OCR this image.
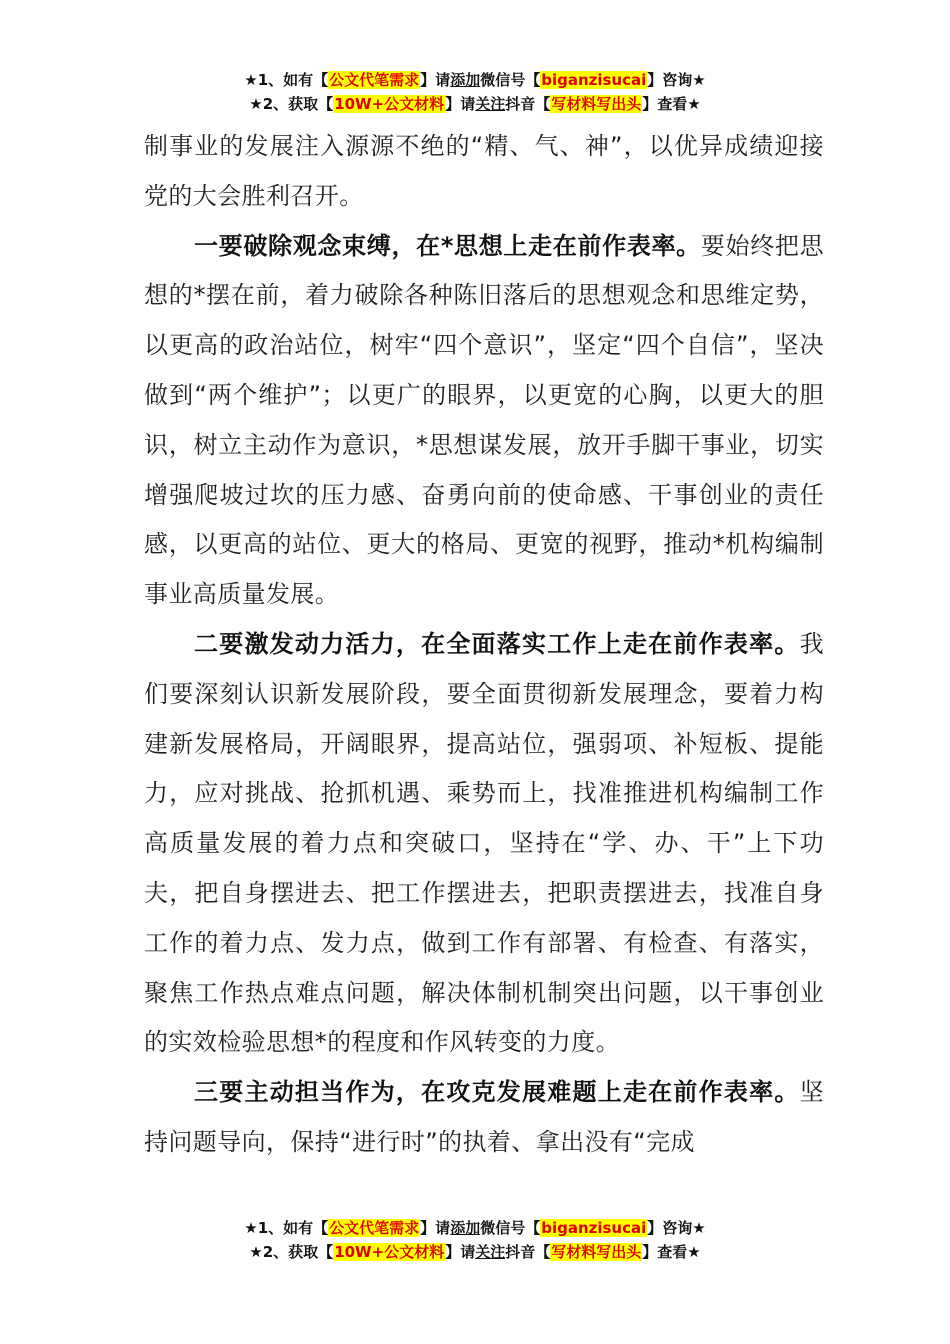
★1、如有【公文代笔需求】请添加微信号【biganzisucai】咨询★
★2、获取【10W+公文材料】请关注抖音【写材料写出头】查看★

制事业的发展注入源源不绝的“精、气、神”，以优异成绩迎接党的大会胜利召开。

一要破除观念束缚，在*思想上走在前作表率。要始终把思想的*摆在前，着力破除各种陈旧落后的思想观念和思维定势，以更高的政治站位，树牢“四个意识”，坚定“四个自信”，坚决做到“两个维护”；以更广的眼界，以更宽的心胸，以更大的胆识，树立主动作为意识，*思想谋发展，放开手脚干事业，切实增强爬坡过坎的压力感、奋勇向前的使命感、干事创业的责任感，以更高的站位、更大的格局、更宽的视野，推动*机构编制事业高质量发展。

二要激发动力活力，在全面落实工作上走在前作表率。我们要深刻认识新发展阶段，要全面贯彻新发展理念，要着力构建新发展格局，开阔眼界，提高站位，强弱项、补短板、提能力，应对挑战、抢抓机遇、乘势而上，找准推进机构编制工作高质量发展的着力点和突破口，坚持在“学、办、干”上下功夫，把自身摆进去、把工作摆进去，把职责摆进去，找准自身工作的着力点、发力点，做到工作有部署、有检查、有落实，聚焦工作热点难点问题，解决体制机制突出问题，以干事创业的实效检验思想*的程度和作风转变的力度。

三要主动担当作为，在攻克发展难题上走在前作表率。坚持问题导向，保持“进行时”的执着、拿出没有“完成

★1、如有【公文代笔需求】请添加微信号【biganzisucai】咨询★
★2、获取【10W+公文材料】请关注抖音【写材料写出头】查看★
